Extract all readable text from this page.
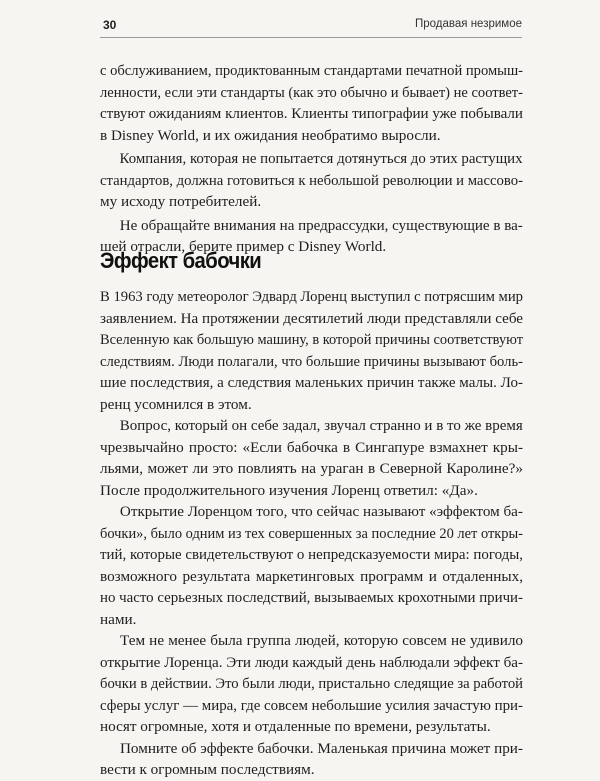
30	Продавая незримое

с обслуживанием, продиктованным стандартами печатной промыш-
ленности, если эти стандарты (как это обычно и бывает) не соответ-
ствуют ожиданиям клиентов. Клиенты типографии уже побывали
в Disney World, и их ожидания необратимо выросли.

Компания, которая не попытается дотянуться до этих растущих
стандартов, должна готовиться к небольшой революции и массово-
му исходу потребителей.

Не обращайте внимания на предрассудки, существующие в ва-
шей отрасли, берите пример с Disney World.

Эффект бабочки

В 1963 году метеоролог Эдвард Лоренц выступил с потрясшим мир
заявлением. На протяжении десятилетий люди представляли себе
Вселенную как большую машину, в которой причины соответствуют
следствиям. Люди полагали, что большие причины вызывают боль-
шие последствия, а следствия маленьких причин также малы. Ло-
ренц усомнился в этом.

Вопрос, который он себе задал, звучал странно и в то же время
чрезвычайно просто: «Если бабочка в Сингапуре взмахнет кры-
льями, может ли это повлиять на ураган в Северной Каролине?»
После продолжительного изучения Лоренц ответил: «Да».

Открытие Лоренцом того, что сейчас называют «эффектом ба-
бочки», было одним из тех совершенных за последние 20 лет откры-
тий, которые свидетельствуют о непредсказуемости мира: погоды,
возможного результата маркетинговых программ и отдаленных,
но часто серьезных последствий, вызываемых крохотными причи-
нами.

Тем не менее была группа людей, которую совсем не удивило
открытие Лоренца. Эти люди каждый день наблюдали эффект ба-
бочки в действии. Это были люди, пристально следящие за работой
сферы услуг — мира, где совсем небольшие усилия зачастую при-
носят огромные, хотя и отдаленные по времени, результаты.

Помните об эффекте бабочки. Маленькая причина может при-
вести к огромным последствиям.
